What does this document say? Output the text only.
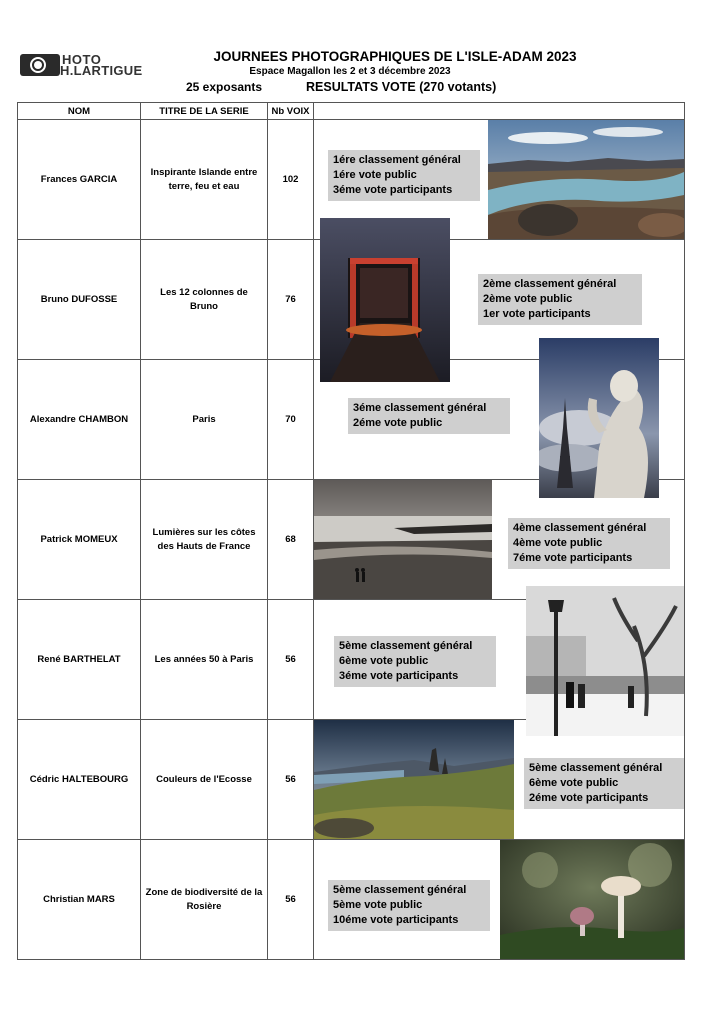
HOTO
H.LARTIGUE
JOURNEES PHOTOGRAPHIQUES DE L'ISLE-ADAM 2023
Espace Magallon les 2 et 3 décembre 2023
25 exposants	RESULTATS VOTE (270 votants)
NOM	TITRE DE LA SERIE	Nb VOIX	
Frances GARCIA	Inspirante Islande entre terre, feu et eau	102	1ére classement général
1ére vote public
3éme vote participants

Bruno DUFOSSE	Les 12 colonnes de Bruno	76	2ème classement général
2ème vote public
1er vote participants

Alexandre CHAMBON	Paris	70	3éme classement général
2éme vote public

Patrick MOMEUX	Lumières sur les côtes des Hauts de France	68	4ème classement général
4ème vote public
7éme vote participants

René BARTHELAT	Les années 50 à Paris	56	5ème classement général
6ème vote public
3éme vote participants

Cédric HALTEBOURG	Couleurs de l'Ecosse	56	5ème classement général
6ème vote public
2éme vote participants

Christian MARS	Zone de biodiversité de la Rosière	56	5ème classement général
5ème vote public
10éme vote participants
